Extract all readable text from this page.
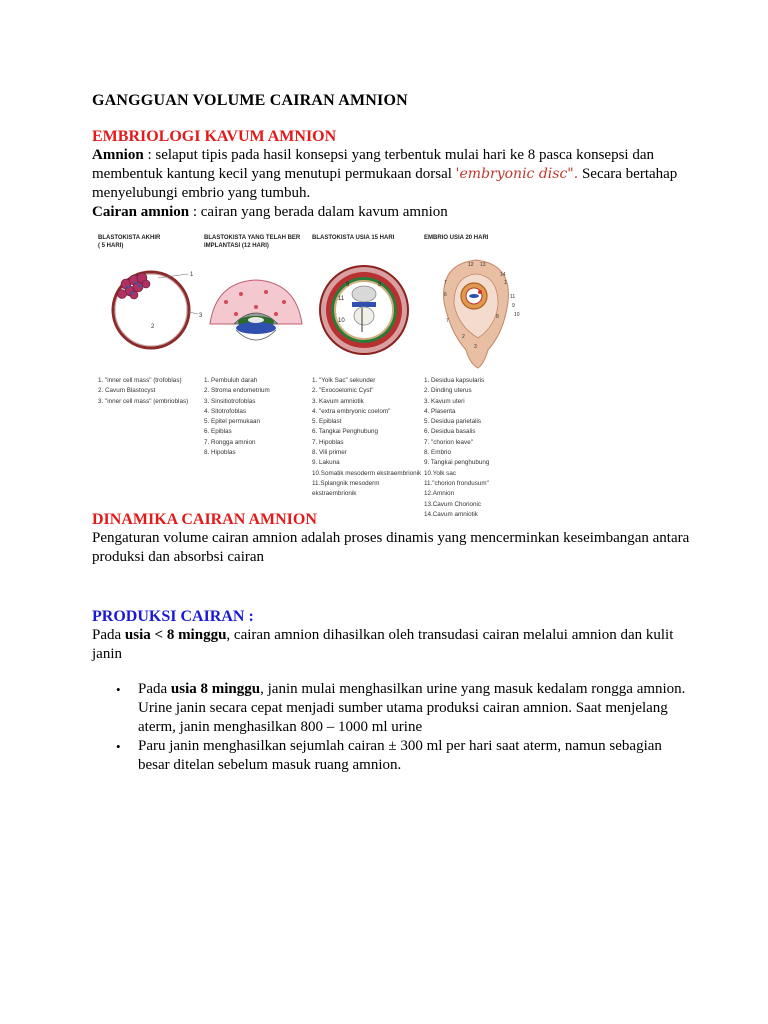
GANGGUAN VOLUME CAIRAN AMNION
EMBRIOLOGI KAVUM AMNION

Amnion : selaput tipis pada hasil konsepsi yang terbentuk mulai hari ke 8 pasca konsepsi dan membentuk kantung kecil yang menutupi permukaan dorsal 'embryonic disc". Secara bertahap menyelubungi embrio yang tumbuh.

Cairan amnion : cairan yang berada dalam kavum amnion

BLASTOKISTA AKHIR
( 5 HARI)
1
2
3
1. "inner cell mass" (trofoblas)
2. Cavum Blastocyst
3. "inner cell mass" (embrioblas)
BLASTOKISTA YANG TELAH BER
IMPLANTASI (12 HARI)
1. Pembuluh darah
2. Stroma endometrium
3. Sinsitiotrofoblas
4. Sitotrofoblas
5. Epitel permukaan
6. Epiblas
7. Rongga amnion
8. Hipoblas
BLASTOKISTA USIA 15 HARI
11
9	8
10
1. "Yolk Sac" sekunder
2. "Exocoelomic Cyst"
3. Kavum amniotik
4. "extra embryonic coelom"
5. Epiblast
6. Tangkai Penghubung
7. Hipoblas
8. Vili primer
9. Lakuna
10.Somatik mesoderm ekstraembrionik
11.Splangnik mesoderm ekstraembrionik
EMBRIO USIA 20 HARI
12 13
14
1
7
6	11
9
10
8
7
3
2
1. Desidua kapsularis
2. Dinding uterus
3. Kavum uteri
4. Plasenta
5. Desidua parietalis
6. Desidua basalis
7. "chorion leave"
8. Embrio
9. Tangkai penghubung
10.Yolk sac
11."chorion frondusum"
12.Amnion
13.Cavum Chorionic
14.Cavum amniotik
DINAMIKA CAIRAN AMNION

Pengaturan volume cairan amnion adalah proses dinamis yang mencerminkan keseimbangan antara produksi dan absorbsi cairan

PRODUKSI CAIRAN :

Pada usia < 8 minggu, cairan amnion dihasilkan oleh transudasi cairan melalui amnion dan kulit janin

• Pada usia 8 minggu, janin mulai menghasilkan urine yang masuk kedalam rongga amnion. Urine janin secara cepat menjadi sumber utama produksi cairan amnion. Saat menjelang aterm, janin menghasilkan 800 – 1000 ml urine
• Paru janin menghasilkan sejumlah cairan ± 300 ml per hari saat aterm, namun sebagian besar ditelan sebelum masuk ruang amnion.
